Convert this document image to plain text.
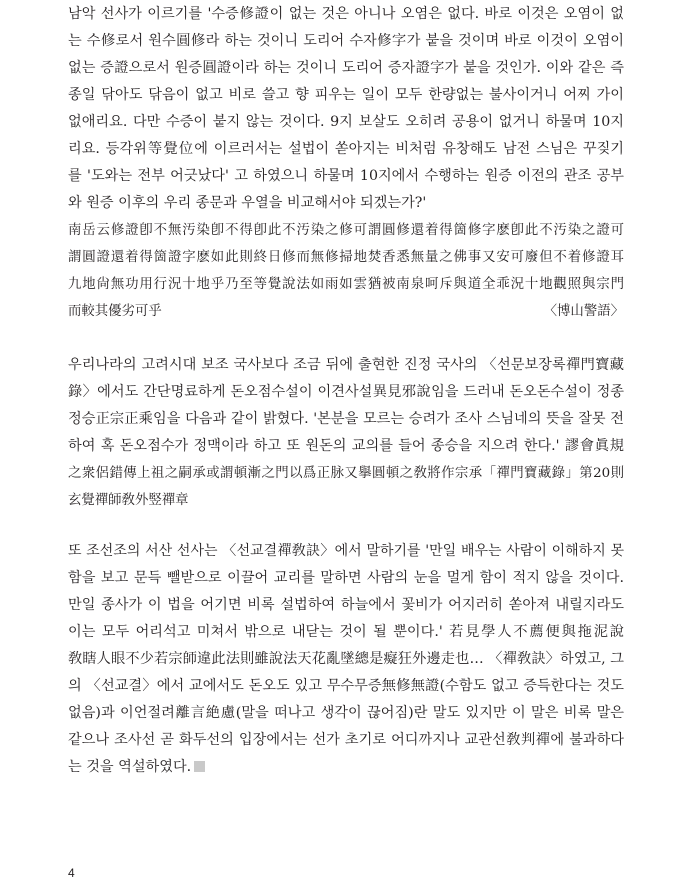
남악 선사가 이르기를 '수증修證이 없는 것은 아니나 오염은 없다. 바로 이것은 오염이 없
는 수修로서 원수圓修라 하는 것이니 도리어 수자修字가 붙을 것이며 바로 이것이 오염이
없는 증證으로서 원증圓證이라 하는 것이니 도리어 증자證字가 붙을 것인가. 이와 같은 즉
종일 닦아도 닦음이 없고 비로 쓸고 향 피우는 일이 모두 한량없는 불사이거니 어찌 가이
없애리요. 다만 수증이 붙지 않는 것이다. 9지 보살도 오히려 공용이 없거니 하물며 10지
리요. 등각위等覺位에 이르러서는 설법이 쏟아지는 비처럼 유창해도 남전 스님은 꾸짖기
를 '도와는 전부 어긋났다' 고 하였으니 하물며 10지에서 수행하는 원증 이전의 관조 공부
와 원증 이후의 우리 종문과 우열을 비교해서야 되겠는가?'
南岳云修證卽不無汚染卽不得卽此不汚染之修可謂圓修還着得箇修字麽卽此不汚染之證可
謂圓證還着得箇證字麽如此則終日修而無修掃地焚香悉無量之佛事又安可廢但不着修證耳
九地尙無功用行況十地乎乃至等覺說法如雨如雲猶被南泉呵斥與道全乖況十地觀照與宗門
而較其優劣可乎	〈博山警語〉
우리나라의 고려시대 보조 국사보다 조금 뒤에 출현한 진정 국사의 〈선문보장록禪門寶藏
錄〉에서도 간단명료하게 돈오점수설이 이견사설異見邪說임을 드러내 돈오돈수설이 정종
정승正宗正乘임을 다음과 같이 밝혔다. '본분을 모르는 승려가 조사 스님네의 뜻을 잘못 전
하여 혹 돈오점수가 정맥이라 하고 또 원돈의 교의를 들어 종승을 지으려 한다.' 謬會眞規
之衆侶錯傳上祖之嗣承或謂頓漸之門以爲正脉又擧圓頓之敎將作宗承「禪門寶藏錄」第20則
玄覺禪師敎外竪禪章
또 조선조의 서산 선사는 〈선교결禪敎訣〉에서 말하기를 '만일 배우는 사람이 이해하지 못
함을 보고 문득 뺄받으로 이끌어 교리를 말하면 사람의 눈을 멀게 함이 적지 않을 것이다.
만일 종사가 이 법을 어기면 비록 설법하여 하늘에서 꽃비가 어지러히 쏟아져 내릴지라도
이는 모두 어리석고 미쳐서 밖으로 내닫는 것이 될 뿐이다.' 若見學人不薦便與拖泥說
敎瞎人眼不少若宗師違此法則雖說法天花亂墜總是癡狂外邊走也… 〈禪敎訣〉하였고, 그
의 〈선교결〉에서 교에서도 돈오도 있고 무수무증無修無證(수함도 없고 증득한다는 것도
없음)과 이언절려離言絶慮(말을 떠나고 생각이 끊어짐)란 말도 있지만 이 말은 비록 말은
같으나 조사선 곧 화두선의 입장에서는 선가 초기로 어디까지나 교관선敎判禪에 불과하다
는 것을 역설하였다.
4
